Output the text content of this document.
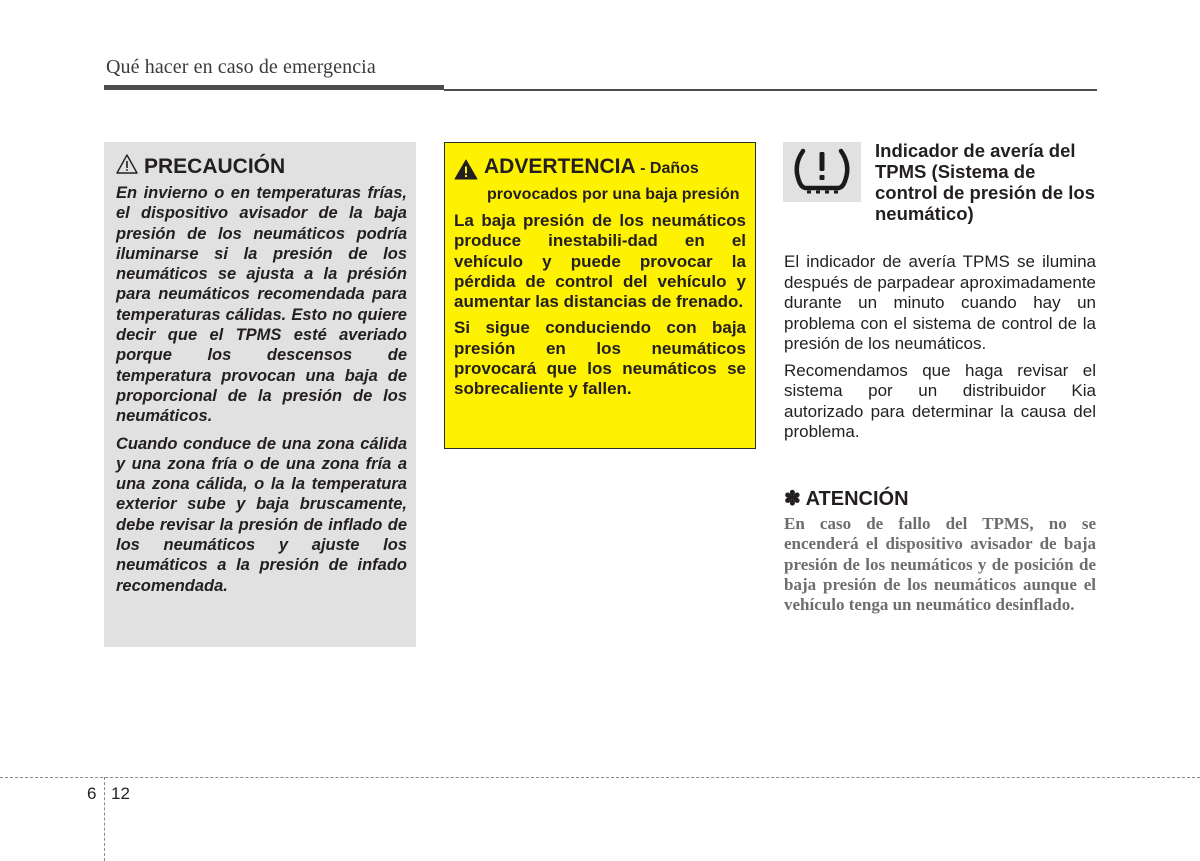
Qué hacer en caso de emergencia
PRECAUCIÓN

En invierno o en temperaturas frías, el dispositivo avisador de la baja presión de los neumáticos podría iluminarse si la presión de los neumáticos se ajusta a la présión para neumáticos recomendada para temperaturas cálidas. Esto no quiere decir que el TPMS esté averiado porque los descensos de temperatura provocan una baja de proporcional de la presión de los neumáticos.

Cuando conduce de una zona cálida y una zona fría o de una zona fría a una zona cálida, o la la temperatura exterior sube y baja bruscamente, debe revisar la presión de inflado de los neumáticos y ajuste los neumáticos a la presión de infado recomendada.

ADVERTENCIA - Daños
provocados por una baja presión

La baja presión de los neumáticos produce inestabili-dad en el vehículo y puede provocar la pérdida de control del vehículo y aumentar las distancias de frenado.

Si sigue conduciendo con baja presión en los neumáticos provocará que los neumáticos se sobrecaliente y fallen.

Indicador de avería del TPMS (Sistema de control de presión de los neumático)

El indicador de avería TPMS se ilumina después de parpadear aproximadamente durante un minuto cuando hay un problema con el sistema de control de la presión de los neumáticos.

Recomendamos que haga revisar el sistema por un distribuidor Kia autorizado para determinar la causa del problema.

✽ ATENCIÓN

En caso de fallo del TPMS, no se encenderá el dispositivo avisador de baja presión de los neumáticos y de posición de baja presión de los neumáticos aunque el vehículo tenga un neumático desinflado.

6 12
